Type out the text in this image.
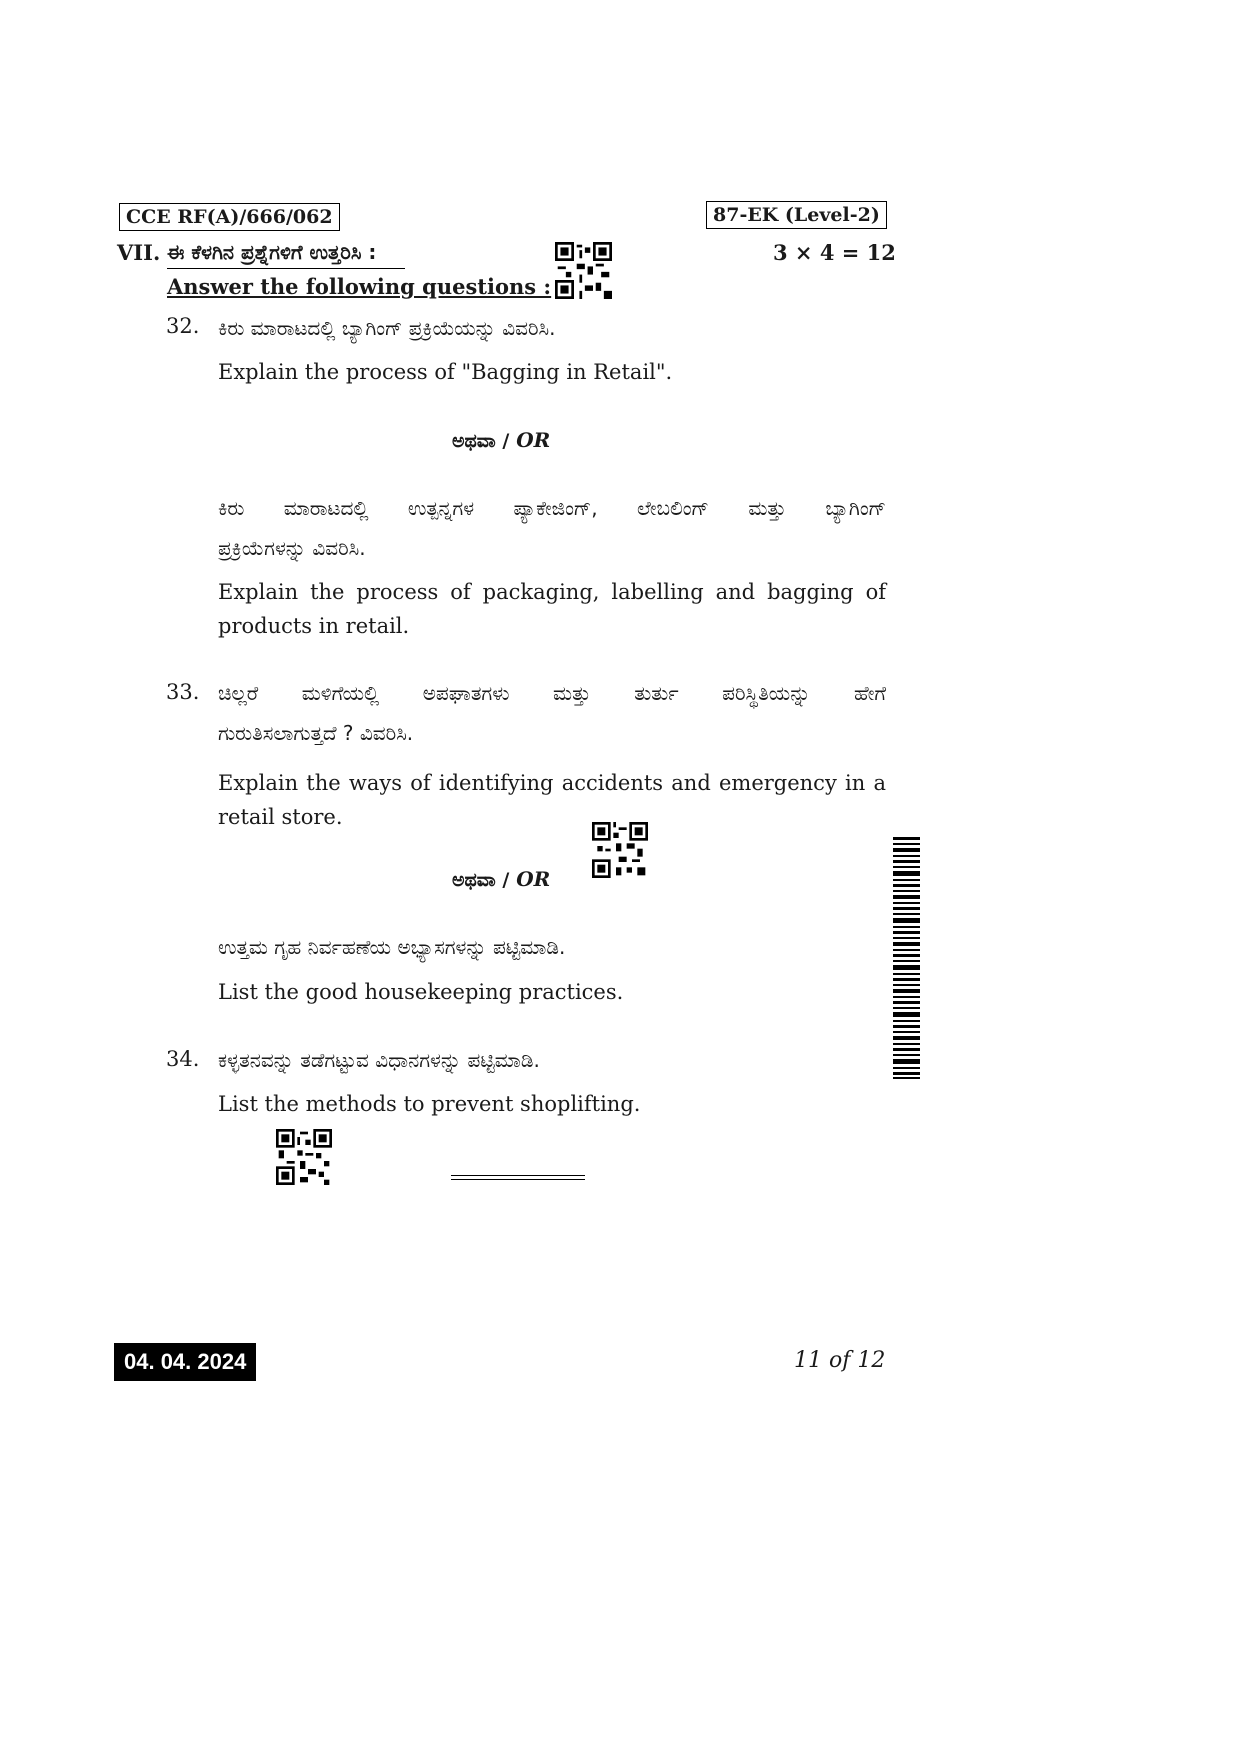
CCE RF(A)/666/062	87-EK (Level-2)
VII. ಈ ಕೆಳಗಿನ ಪ್ರಶ್ನೆಗಳಿಗೆ ಉತ್ತರಿಸಿ :
Answer the following questions :
3 × 4 = 12
32. ಕಿರು ಮಾರಾಟದಲ್ಲಿ ಬ್ಯಾಗಿಂಗ್ ಪ್ರಕ್ರಿಯೆಯನ್ನು ವಿವರಿಸಿ.
Explain the process of "Bagging in Retail".
ಅಥವಾ / OR
ಕಿರು ಮಾರಾಟದಲ್ಲಿ ಉತ್ಪನ್ನಗಳ ಪ್ಯಾಕೇಜಿಂಗ್, ಲೇಬಲಿಂಗ್ ಮತ್ತು ಬ್ಯಾಗಿಂಗ್
ಪ್ರಕ್ರಿಯೆಗಳನ್ನು ವಿವರಿಸಿ.
Explain the process of packaging, labelling and bagging of
products in retail.
33. ಚಿಲ್ಲರೆ ಮಳಿಗೆಯಲ್ಲಿ ಅಪಘಾತಗಳು ಮತ್ತು ತುರ್ತು ಪರಿಸ್ಥಿತಿಯನ್ನು ಹೇಗೆ
ಗುರುತಿಸಲಾಗುತ್ತದೆ ? ವಿವರಿಸಿ.
Explain the ways of identifying accidents and emergency in a
retail store.
ಅಥವಾ / OR
ಉತ್ತಮ ಗೃಹ ನಿರ್ವಹಣೆಯ ಅಭ್ಯಾಸಗಳನ್ನು ಪಟ್ಟಿಮಾಡಿ.
List the good housekeeping practices.
34. ಕಳ್ಳತನವನ್ನು ತಡೆಗಟ್ಟುವ ವಿಧಾನಗಳನ್ನು ಪಟ್ಟಿಮಾಡಿ.
List the methods to prevent shoplifting.
04. 04. 2024	11 of 12
